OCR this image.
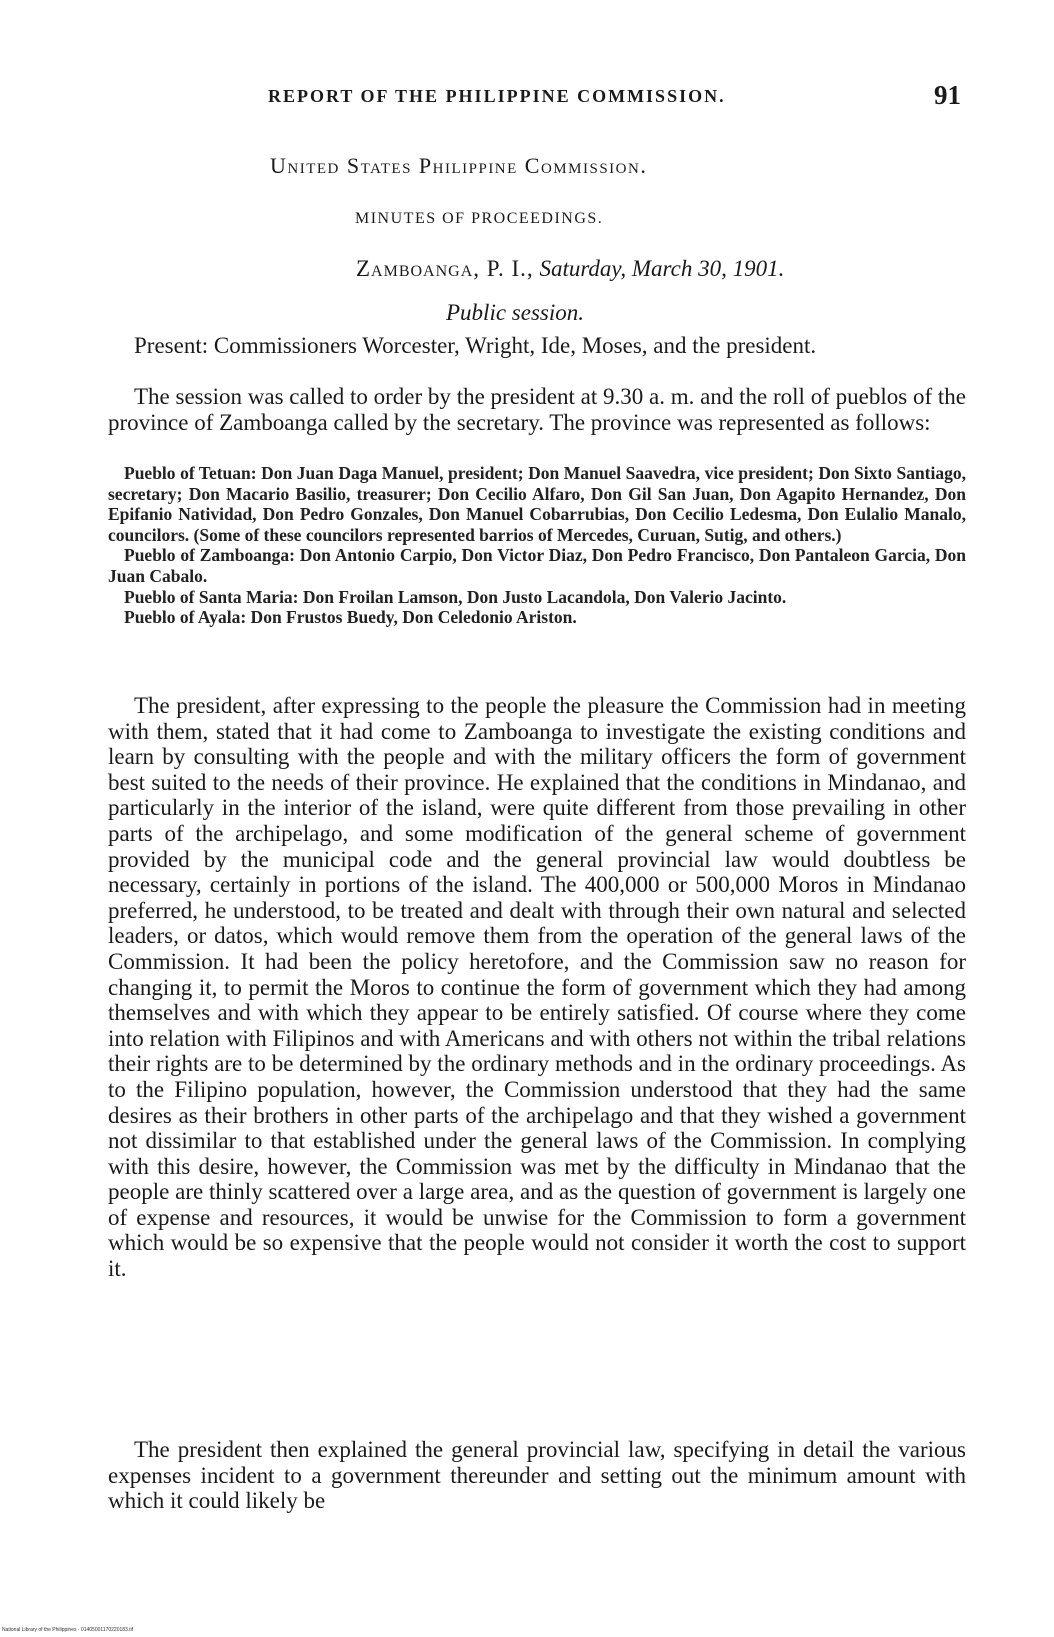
REPORT OF THE PHILIPPINE COMMISSION.	91
United States Philippine Commission.
MINUTES OF PROCEEDINGS.
Zamboanga, P. I., Saturday, March 30, 1901.
Public session.

Present: Commissioners Worcester, Wright, Ide, Moses, and the president.

The session was called to order by the president at 9.30 a. m. and the roll of pueblos of the province of Zamboanga called by the secretary. The province was represented as follows:

Pueblo of Tetuan: Don Juan Daga Manuel, president; Don Manuel Saavedra, vice president; Don Sixto Santiago, secretary; Don Macario Basilio, treasurer; Don Cecilio Alfaro, Don Gil San Juan, Don Agapito Hernandez, Don Epifanio Natividad, Don Pedro Gonzales, Don Manuel Cobarrubias, Don Cecilio Ledesma, Don Eulalio Manalo, councilors. (Some of these councilors represented barrios of Mercedes, Curuan, Sutig, and others.)

Pueblo of Zamboanga: Don Antonio Carpio, Don Victor Diaz, Don Pedro Francisco, Don Pantaleon Garcia, Don Juan Cabalo.

Pueblo of Santa Maria: Don Froilan Lamson, Don Justo Lacandola, Don Valerio Jacinto.

Pueblo of Ayala: Don Frustos Buedy, Don Celedonio Ariston.

The president, after expressing to the people the pleasure the Commission had in meeting with them, stated that it had come to Zamboanga to investigate the existing conditions and learn by consulting with the people and with the military officers the form of government best suited to the needs of their province. He explained that the conditions in Mindanao, and particularly in the interior of the island, were quite different from those prevailing in other parts of the archipelago, and some modification of the general scheme of government provided by the municipal code and the general provincial law would doubtless be necessary, certainly in portions of the island. The 400,000 or 500,000 Moros in Mindanao preferred, he understood, to be treated and dealt with through their own natural and selected leaders, or datos, which would remove them from the operation of the general laws of the Commission. It had been the policy heretofore, and the Commission saw no reason for changing it, to permit the Moros to continue the form of government which they had among themselves and with which they appear to be entirely satisfied. Of course where they come into relation with Filipinos and with Americans and with others not within the tribal relations their rights are to be determined by the ordinary methods and in the ordinary proceedings. As to the Filipino population, however, the Commission understood that they had the same desires as their brothers in other parts of the archipelago and that they wished a government not dissimilar to that established under the general laws of the Commission. In complying with this desire, however, the Commission was met by the difficulty in Mindanao that the people are thinly scattered over a large area, and as the question of government is largely one of expense and resources, it would be unwise for the Commission to form a government which would be so expensive that the people would not consider it worth the cost to support it.

The president then explained the general provincial law, specifying in detail the various expenses incident to a government thereunder and setting out the minimum amount with which it could likely be

National Library of the Philippines · 01405001170220183.tif
